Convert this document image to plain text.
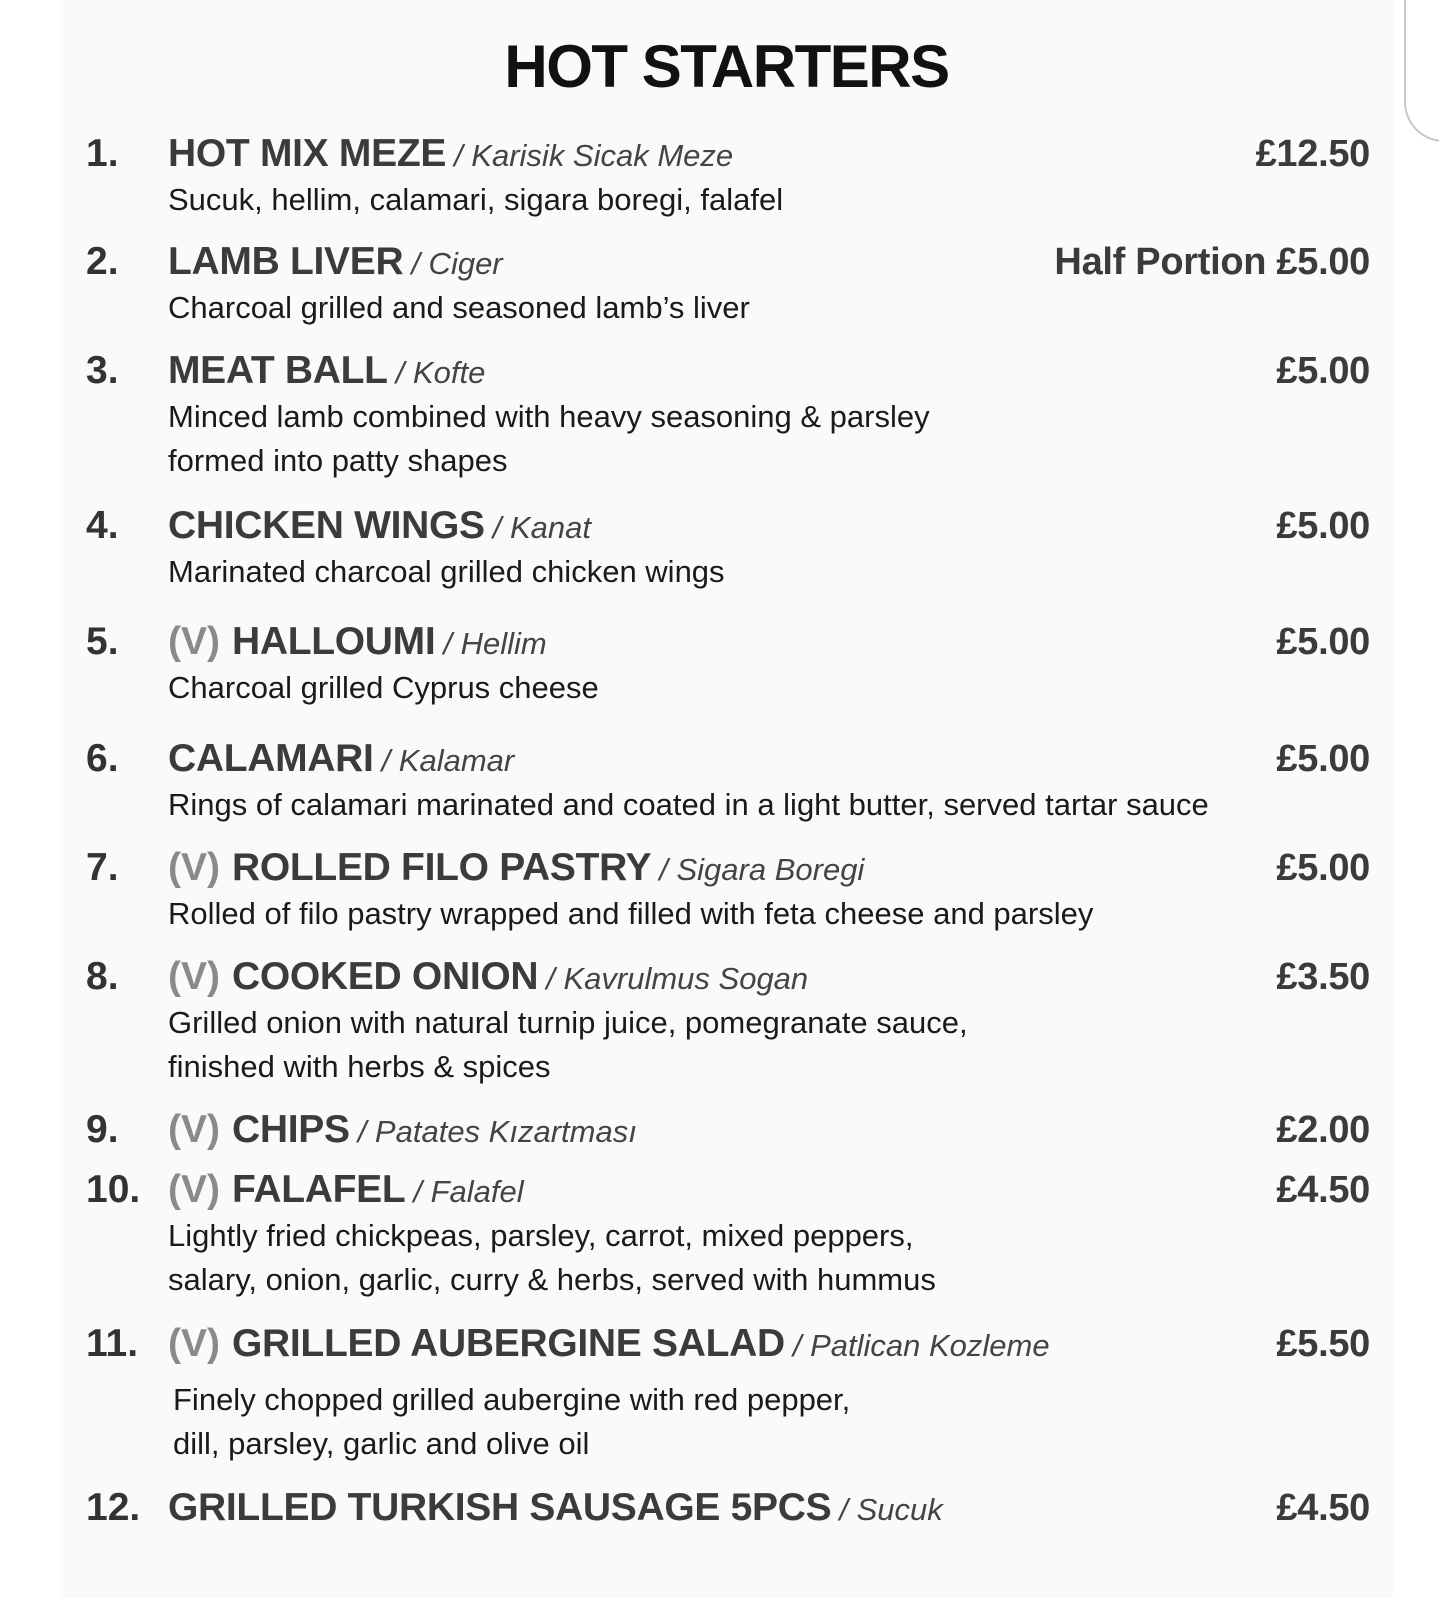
HOT STARTERS
1. HOT MIX MEZE / Karisik Sicak Meze	£12.50

Sucuk, hellim, calamari, sigara boregi, falafel

2. LAMB LIVER / Ciger	Half Portion £5.00

Charcoal grilled and seasoned lamb’s liver

3. MEAT BALL / Kofte	£5.00

Minced lamb combined with heavy seasoning & parsley
formed into patty shapes

4. CHICKEN WINGS / Kanat	£5.00

Marinated charcoal grilled chicken wings

5. (V) HALLOUMI / Hellim	£5.00

Charcoal grilled Cyprus cheese

6. CALAMARI / Kalamar	£5.00

Rings of calamari marinated and coated in a light butter, served tartar sauce

7. (V) ROLLED FILO PASTRY / Sigara Boregi	£5.00

Rolled of filo pastry wrapped and filled with feta cheese and parsley

8. (V) COOKED ONION / Kavrulmus Sogan	£3.50

Grilled onion with natural turnip juice, pomegranate sauce,
finished with herbs & spices

9. (V) CHIPS / Patates Kızartması	£2.00
10. (V) FALAFEL / Falafel	£4.50

Lightly fried chickpeas, parsley, carrot, mixed peppers,
salary, onion, garlic, curry & herbs, served with hummus

11. (V) GRILLED AUBERGINE SALAD / Patlican Kozleme	£5.50

Finely chopped grilled aubergine with red pepper,
dill, parsley, garlic and olive oil

12. GRILLED TURKISH SAUSAGE 5PCS / Sucuk	£4.50
